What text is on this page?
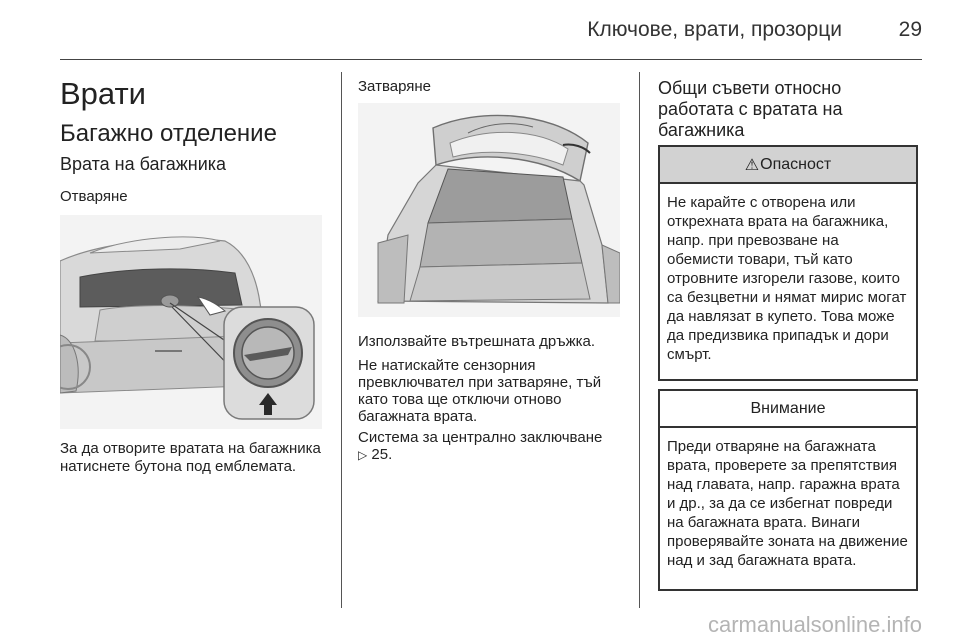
Ключове, врати, прозорци	29
Врати
Багажно отделение
Врата на багажника
Отваряне
За да отворите вратата на багажника натиснете бутона под емблемата.
Затваряне
Използвайте вътрешната дръжка.
Не натискайте сензорния превключвател при затваряне, тъй като това ще отключи отново багажната врата.
Система за централно заключване
▷ 25.
Общи съвети относно работата с вратата на багажника
⚠ Опасност
Не карайте с отворена или открехната врата на багажника, напр. при превозване на обемисти товари, тъй като отровните изгорели газове, които са безцветни и нямат мирис могат да навлязат в купето. Това може да предизвика припадък и дори смърт.
Внимание
Преди отваряне на багажната врата, проверете за препятствия над главата, напр. гаражна врата и др., за да се избегнат повреди на багажната врата. Винаги проверявайте зоната на движение над и зад багажната врата.
carmanualsonline.info
